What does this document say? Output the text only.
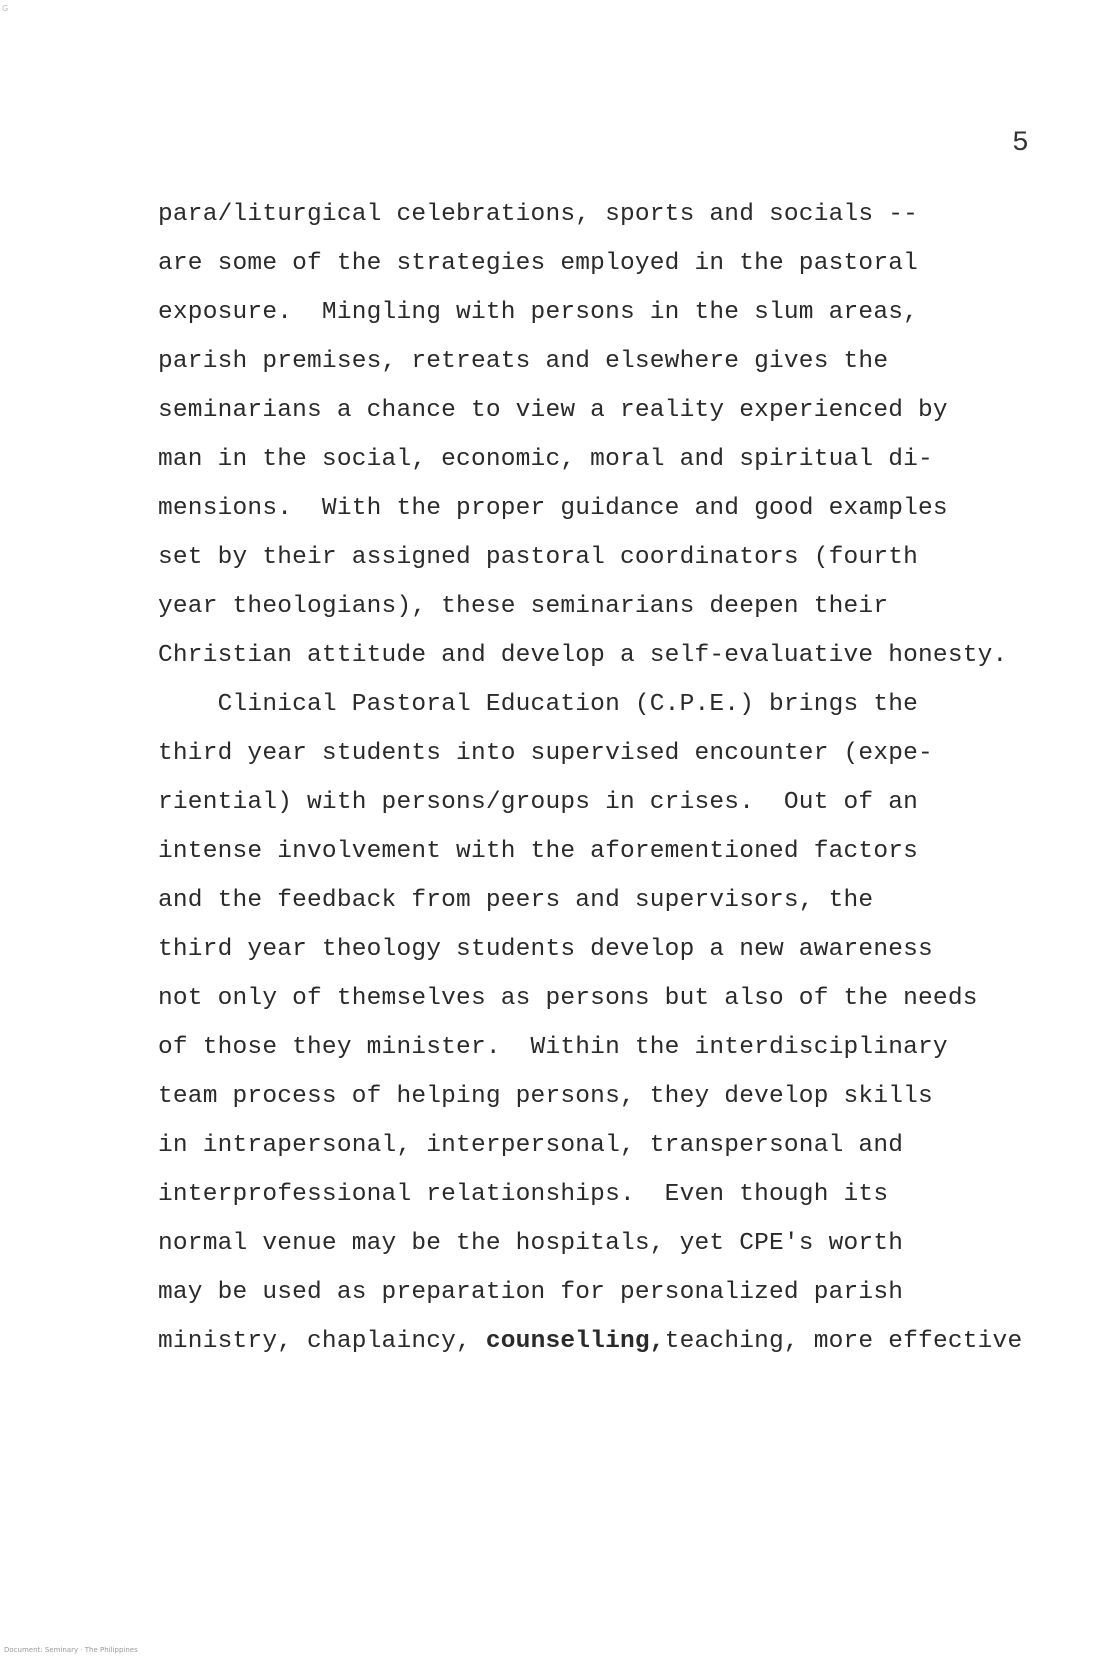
G
5
para/liturgical celebrations, sports and socials --
are some of the strategies employed in the pastoral
exposure.  Mingling with persons in the slum areas,
parish premises, retreats and elsewhere gives the
seminarians a chance to view a reality experienced by
man in the social, economic, moral and spiritual di-
mensions.  With the proper guidance and good examples
set by their assigned pastoral coordinators (fourth
year theologians), these seminarians deepen their
Christian attitude and develop a self-evaluative honesty.
Clinical Pastoral Education (C.P.E.) brings the
third year students into supervised encounter (expe-
riential) with persons/groups in crises.  Out of an
intense involvement with the aforementioned factors
and the feedback from peers and supervisors, the
third year theology students develop a new awareness
not only of themselves as persons but also of the needs
of those they minister.  Within the interdisciplinary
team process of helping persons, they develop skills
in intrapersonal, interpersonal, transpersonal and
interprofessional relationships.  Even though its
normal venue may be the hospitals, yet CPE's worth
may be used as preparation for personalized parish
ministry, chaplaincy, counselling,teaching, more effective
Document: Seminary · The Philippines
